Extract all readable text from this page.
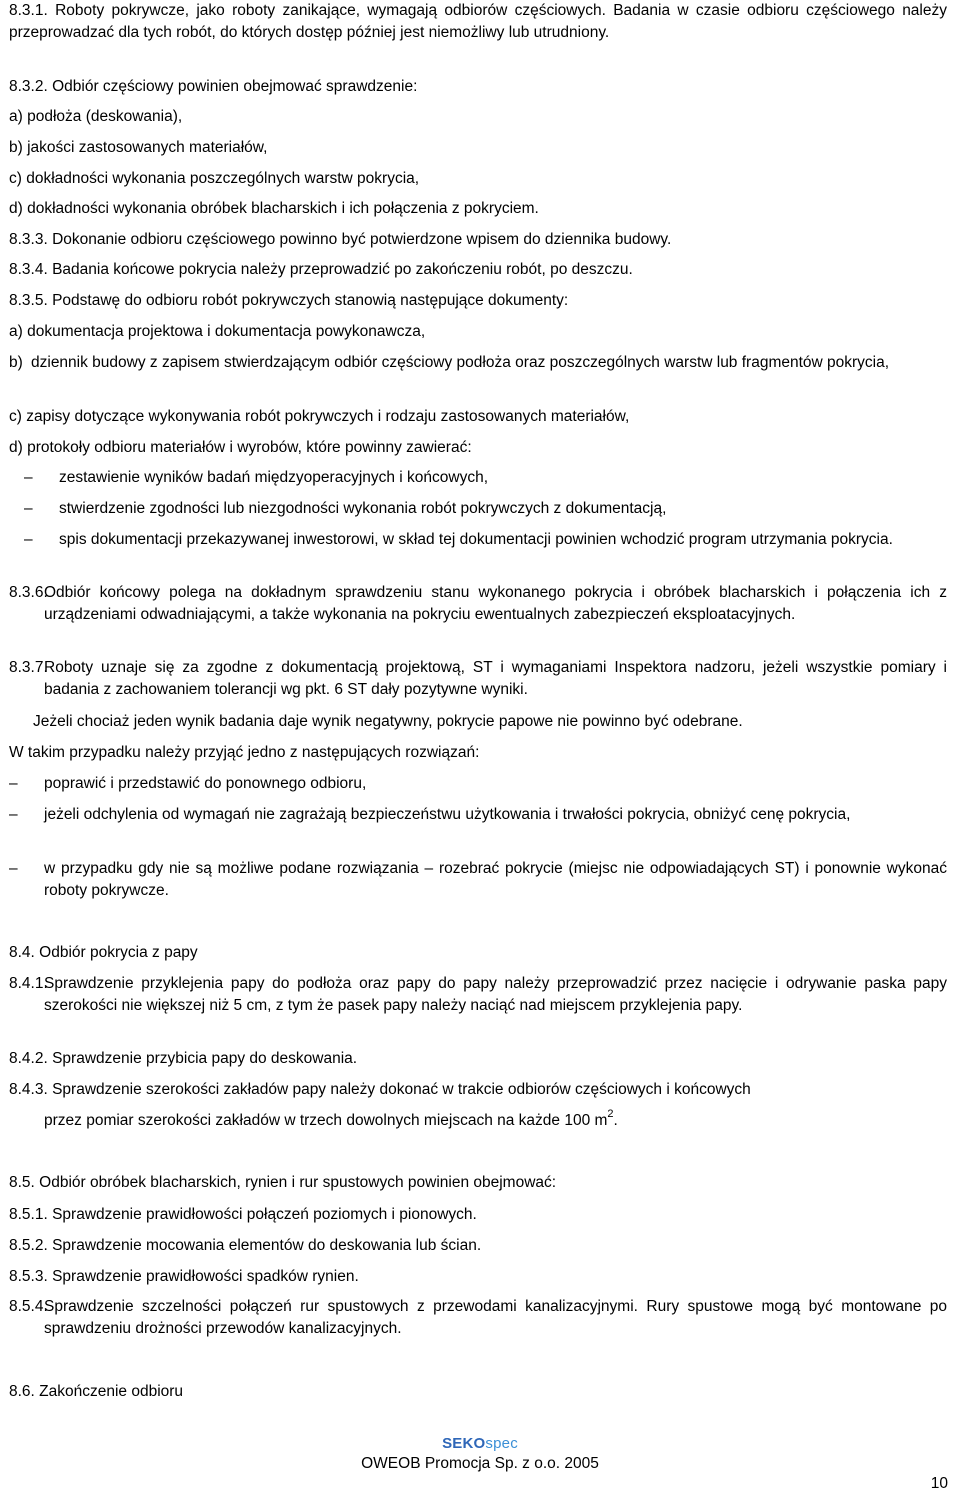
8.3.1. Roboty pokrywcze, jako roboty zanikające, wymagają odbiorów częściowych. Badania w czasie odbioru częściowego należy przeprowadzać dla tych robót, do których dostęp później jest niemożliwy lub utrudniony.

8.3.2. Odbiór częściowy powinien obejmować sprawdzenie:

a) podłoża (deskowania),

b) jakości zastosowanych materiałów,

c) dokładności wykonania poszczególnych warstw pokrycia,

d) dokładności wykonania obróbek blacharskich i ich połączenia z pokryciem.

8.3.3. Dokonanie odbioru częściowego powinno być potwierdzone wpisem do dziennika budowy.

8.3.4. Badania końcowe pokrycia należy przeprowadzić po zakończeniu robót, po deszczu.

8.3.5. Podstawę do odbioru robót pokrywczych stanowią następujące dokumenty:

a) dokumentacja projektowa i dokumentacja powykonawcza,

b) dziennik budowy z zapisem stwierdzającym odbiór częściowy podłoża oraz poszczególnych warstw lub fragmentów pokrycia,

c) zapisy dotyczące wykonywania robót pokrywczych i rodzaju zastosowanych materiałów,

d) protokoły odbioru materiałów i wyrobów, które powinny zawierać:

–	zestawienie wyników badań międzyoperacyjnych i końcowych,
–	stwierdzenie zgodności lub niezgodności wykonania robót pokrywczych z dokumentacją,
–	spis dokumentacji przekazywanej inwestorowi, w skład tej dokumentacji powinien wchodzić program utrzymania pokrycia.
8.3.6.
Odbiór końcowy polega na dokładnym sprawdzeniu stanu wykonanego pokrycia i obróbek blacharskich i połączenia ich z urządzeniami odwadniającymi, a także wykonania na pokryciu ewentualnych zabezpieczeń eksploatacyjnych.
8.3.7.
Roboty uznaje się za zgodne z dokumentacją projektową, ST i wymaganiami Inspektora nadzoru, jeżeli wszystkie pomiary i badania z zachowaniem tolerancji wg pkt. 6 ST dały pozytywne wyniki.

Jeżeli chociaż jeden wynik badania daje wynik negatywny, pokrycie papowe nie powinno być odebrane.

W takim przypadku należy przyjąć jedno z następujących rozwiązań:

–	poprawić i przedstawić do ponownego odbioru,
–	jeżeli odchylenia od wymagań nie zagrażają bezpieczeństwu użytkowania i trwałości pokrycia, obniżyć cenę pokrycia,
–	w przypadku gdy nie są możliwe podane rozwiązania – rozebrać pokrycie (miejsc nie odpowiadających ST) i ponownie wykonać roboty pokrywcze.

8.4. Odbiór pokrycia z papy

8.4.1.
Sprawdzenie przyklejenia papy do podłoża oraz papy do papy należy przeprowadzić przez nacięcie i odrywanie paska papy szerokości nie większej niż 5 cm, z tym że pasek papy należy naciąć nad miejscem przyklejenia papy.

8.4.2. Sprawdzenie przybicia papy do deskowania.

8.4.3. Sprawdzenie szerokości zakładów papy należy dokonać w trakcie odbiorów częściowych i końcowych

przez pomiar szerokości zakładów w trzech dowolnych miejscach na każde 100 $m^2$.

8.5. Odbiór obróbek blacharskich, rynien i rur spustowych powinien obejmować:

8.5.1. Sprawdzenie prawidłowości połączeń poziomych i pionowych.

8.5.2. Sprawdzenie mocowania elementów do deskowania lub ścian.

8.5.3. Sprawdzenie prawidłowości spadków rynien.

8.5.4.
Sprawdzenie szczelności połączeń rur spustowych z przewodami kanalizacyjnymi. Rury spustowe mogą być montowane po sprawdzeniu drożności przewodów kanalizacyjnych.

8.6. Zakończenie odbioru

SEKOspec
OWEOB Promocja Sp. z o.o. 2005
10
